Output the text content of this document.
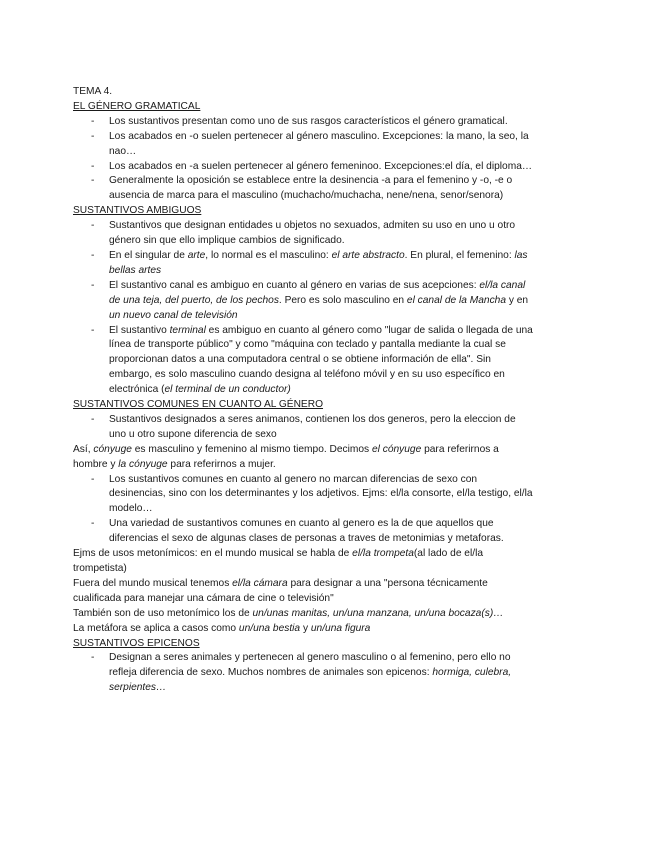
TEMA 4.
EL GÉNERO GRAMATICAL
- Los sustantivos presentan como uno de sus rasgos característicos el género gramatical.
- Los acabados en -o suelen pertenecer al género masculino. Excepciones: la mano, la seo, la nao…
- Los acabados en -a suelen pertenecer al género femeninoo. Excepciones:el día, el diploma…
- Generalmente la oposición se establece entre la desinencia -a para el femenino y -o, -e o ausencia de marca para el masculino (muchacho/muchacha, nene/nena, senor/senora)
SUSTANTIVOS AMBIGUOS
- Sustantivos que designan entidades u objetos no sexuados, admiten su uso en uno u otro género sin que ello implique cambios de significado.
- En el singular de arte, lo normal es el masculino: el arte abstracto. En plural, el femenino: las bellas artes
- El sustantivo canal es ambiguo en cuanto al género en varias de sus acepciones: el/la canal de una teja, del puerto, de los pechos. Pero es solo masculino en el canal de la Mancha y en un nuevo canal de televisión
- El sustantivo terminal es ambiguo en cuanto al género como "lugar de salida o llegada de una línea de transporte público" y como "máquina con teclado y pantalla mediante la cual se proporcionan datos a una computadora central o se obtiene información de ella". Sin embargo, es solo masculino cuando designa al teléfono móvil y en su uso específico en electrónica (el terminal de un conductor)
SUSTANTIVOS COMUNES EN CUANTO AL GÉNERO
- Sustantivos designados a seres animanos, contienen los dos generos, pero la eleccion de uno u otro supone diferencia de sexo

Así, cónyuge es masculino y femenino al mismo tiempo. Decimos el cónyuge para referirnos a hombre y la cónyuge para referirnos a mujer.

- Los sustantivos comunes en cuanto al genero no marcan diferencias de sexo con desinencias, sino con los determinantes y los adjetivos. Ejms: el/la consorte, el/la testigo, el/la modelo…
- Una variedad de sustantivos comunes en cuanto al genero es la de que aquellos que diferencias el sexo de algunas clases de personas a traves de metonimias y metaforas.

Ejms de usos metonímicos: en el mundo musical se habla de el/la trompeta(al lado de el/la trompetista)

Fuera del mundo musical tenemos el/la cámara para designar a una "persona técnicamente cualificada para manejar una cámara de cine o televisión"

También son de uso metonímico los de un/unas manitas, un/una manzana, un/una bocaza(s)…

La metáfora se aplica a casos como un/una bestia y un/una figura

SUSTANTIVOS EPICENOS
- Designan a seres animales y pertenecen al genero masculino o al femenino, pero ello no refleja diferencia de sexo. Muchos nombres de animales son epicenos: hormiga, culebra, serpientes…
